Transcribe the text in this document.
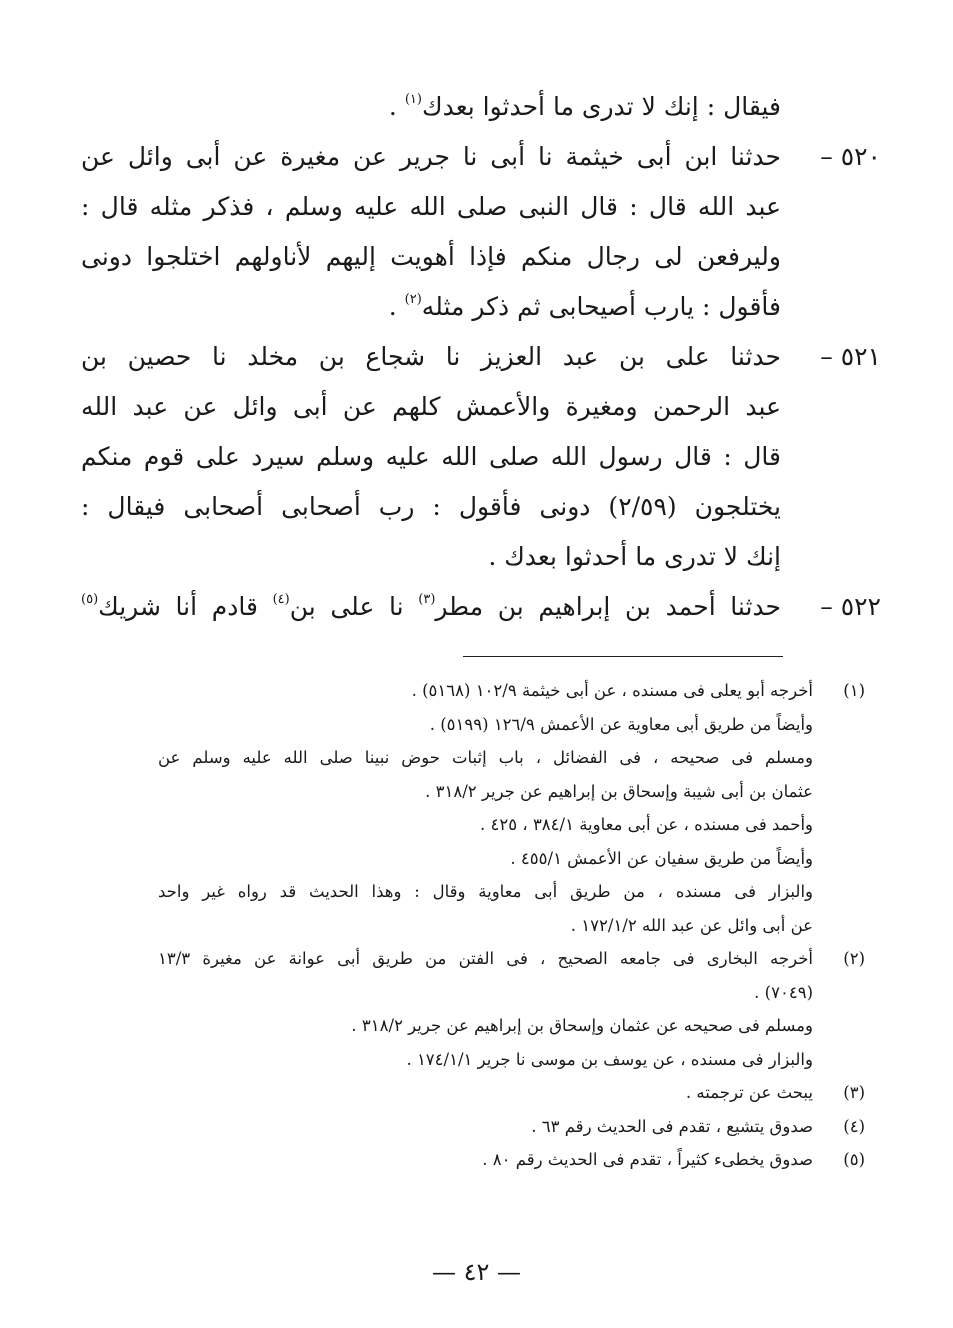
فيقال : إنك لا تدرى ما أحدثوا بعدك$^{(١)}$ .
٥٢٠ –
حدثنا ابن أبى خيثمة نا أبى نا جرير عن مغيرة عن أبى وائل عن
عبد الله قال : قال النبى صلى الله عليه وسلم ، فذكر مثله قال :
وليرفعن لى رجال منكم فإذا أهويت إليهم لأناولهم اختلجوا دونى
فأقول : يارب أصيحابى ثم ذكر مثله$^{(٢)}$ .
٥٢١ –
حدثنا على بن عبد العزيز نا شجاع بن مخلد نا حصين بن
عبد الرحمن ومغيرة والأعمش كلهم عن أبى وائل عن عبد الله
قال : قال رسول الله صلى الله عليه وسلم سيرد على قوم منكم
يختلجون (٢/٥٩) دونى فأقول : رب أصحابى أصحابى فيقال :
إنك لا تدرى ما أحدثوا بعدك .
٥٢٢ –
حدثنا أحمد بن إبراهيم بن مطر$^{(٣)}$ نا على بن$^{(٤)}$ قادم أنا شريك$^{(٥)}$
(١)
أخرجه أبو يعلى فى مسنده ، عن أبى خيثمة ١٠٢/٩ (٥١٦٨) .
وأيضاً من طريق أبى معاوية عن الأعمش ١٢٦/٩ (٥١٩٩) .
ومسلم فى صحيحه ، فى الفضائل ، باب إثبات حوض نبينا صلى الله عليه وسلم عن
عثمان بن أبى شيبة وإسحاق بن إبراهيم عن جرير ٣١٨/٢ .
وأحمد فى مسنده ، عن أبى معاوية ٣٨٤/١ ، ٤٢٥ .
وأيضاً من طريق سفيان عن الأعمش ٤٥٥/١ .
والبزار فى مسنده ، من طريق أبى معاوية وقال : وهذا الحديث قد رواه غير واحد
عن أبى وائل عن عبد الله ١٧٢/١/٢ .
(٢)
أخرجه البخارى فى جامعه الصحيح ، فى الفتن من طريق أبى عوانة عن مغيرة ١٣/٣
(٧٠٤٩) .
ومسلم فى صحيحه عن عثمان وإسحاق بن إبراهيم عن جرير ٣١٨/٢ .
والبزار فى مسنده ، عن يوسف بن موسى نا جرير ١٧٤/١/١ .
(٣)
يبحث عن ترجمته .
(٤)
صدوق يتشيع ، تقدم فى الحديث رقم ٦٣ .
(٥)
صدوق يخطىء كثيراً ، تقدم فى الحديث رقم ٨٠ .
— ٤٢ —
